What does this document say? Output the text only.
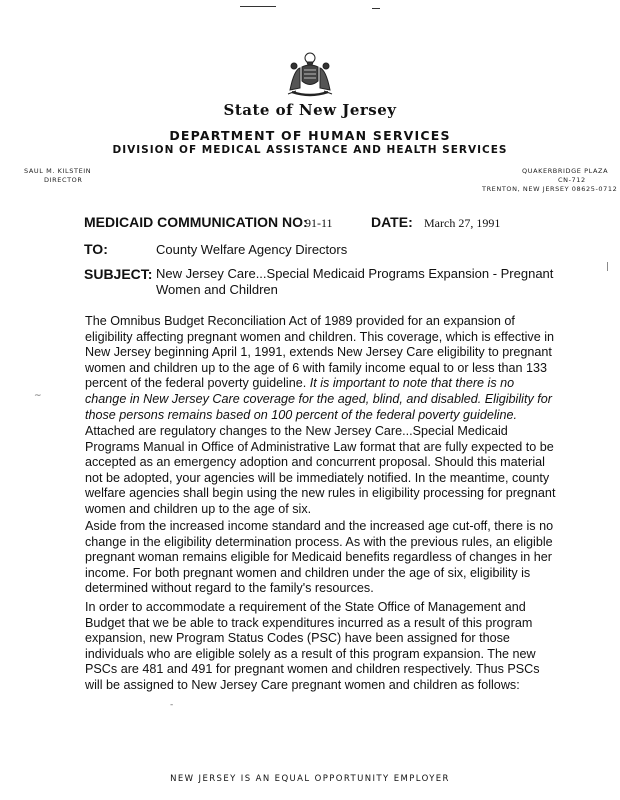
State of New Jersey
DEPARTMENT OF HUMAN SERVICES
DIVISION OF MEDICAL ASSISTANCE AND HEALTH SERVICES
SAUL M. KILSTEIN
DIRECTOR
QUAKERBRIDGE PLAZA
CN-712
TRENTON, NEW JERSEY 08625-0712
MEDICAID COMMUNICATION NO:
91-11	DATE: March 27, 1991
TO:	County Welfare Agency Directors
SUBJECT: New Jersey Care...Special Medicaid Programs Expansion - Pregnant Women and Children
The Omnibus Budget Reconciliation Act of 1989 provided for an expansion of eligibility affecting pregnant women and children. This coverage, which is effective in New Jersey beginning April 1, 1991, extends New Jersey Care eligibility to pregnant women and children up to the age of 6 with family income equal to or less than 133 percent of the federal poverty guideline. It is important to note that there is no change in New Jersey Care coverage for the aged, blind, and disabled. Eligibility for those persons remains based on 100 percent of the federal poverty guideline.
Attached are regulatory changes to the New Jersey Care...Special Medicaid Programs Manual in Office of Administrative Law format that are fully expected to be accepted as an emergency adoption and concurrent proposal. Should this material not be adopted, your agencies will be immediately notified. In the meantime, county welfare agencies shall begin using the new rules in eligibility processing for pregnant women and children up to the age of six.
Aside from the increased income standard and the increased age cut-off, there is no change in the eligibility determination process. As with the previous rules, an eligible pregnant woman remains eligible for Medicaid benefits regardless of changes in her income. For both pregnant women and children under the age of six, eligibility is determined without regard to the family's resources.
In order to accommodate a requirement of the State Office of Management and Budget that we be able to track expenditures incurred as a result of this program expansion, new Program Status Codes (PSC) have been assigned for those individuals who are eligible solely as a result of this program expansion. The new PSCs are 481 and 491 for pregnant women and children respectively. Thus PSCs will be assigned to New Jersey Care pregnant women and children as follows:
|
~
-
NEW JERSEY IS AN EQUAL OPPORTUNITY EMPLOYER
